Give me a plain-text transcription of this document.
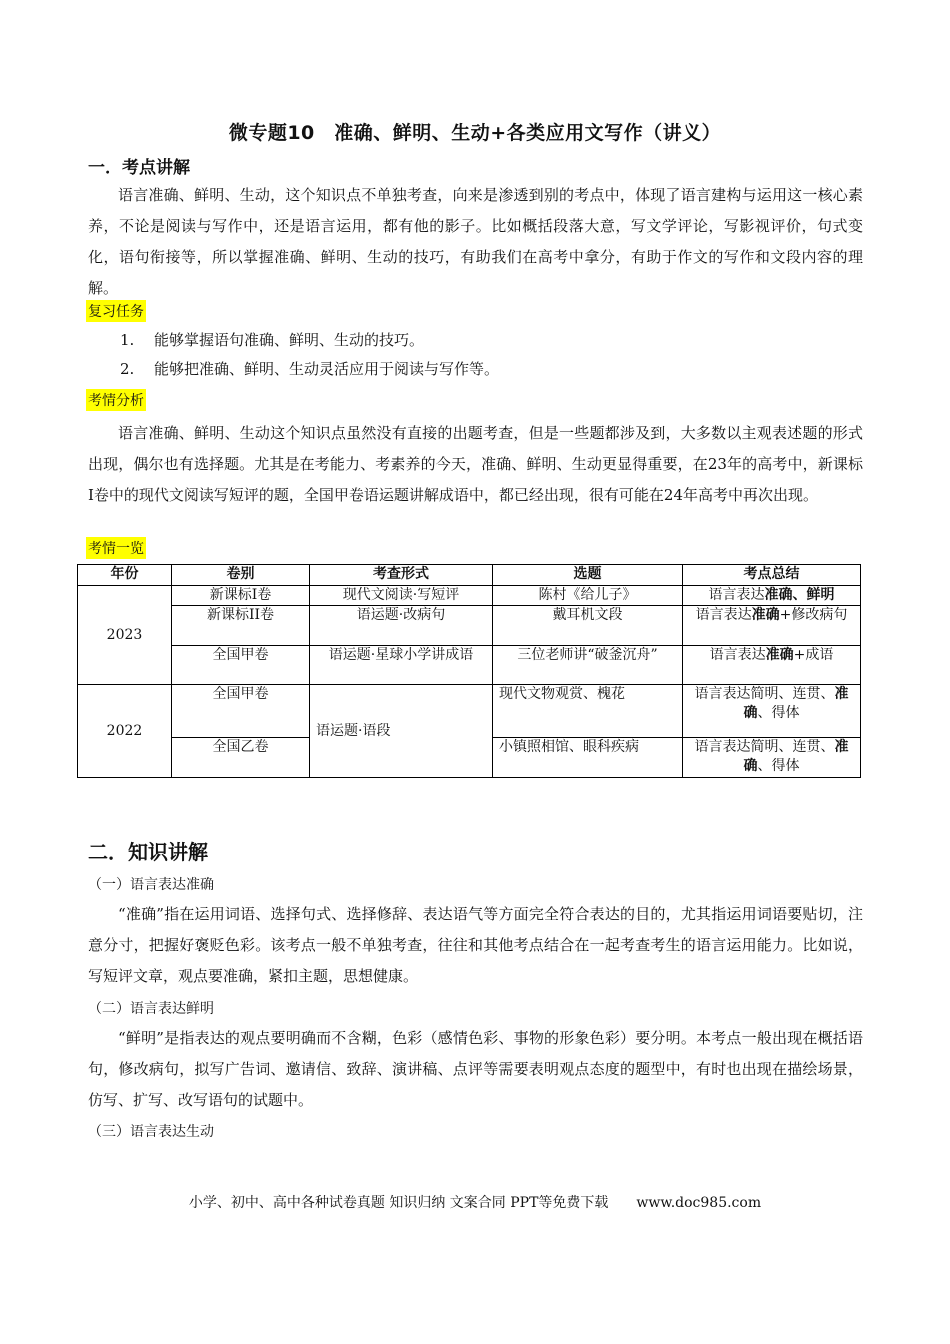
微专题10　准确、鲜明、生动+各类应用文写作（讲义）
一．考点讲解
语言准确、鲜明、生动，这个知识点不单独考查，向来是渗透到别的考点中，体现了语言建构与运用这一核心素养，不论是阅读与写作中，还是语言运用，都有他的影子。比如概括段落大意，写文学评论，写影视评价，句式变化，语句衔接等，所以掌握准确、鲜明、生动的技巧，有助我们在高考中拿分，有助于作文的写作和文段内容的理解。
复习任务
1. 能够掌握语句准确、鲜明、生动的技巧。
2. 能够把准确、鲜明、生动灵活应用于阅读与写作等。
考情分析
语言准确、鲜明、生动这个知识点虽然没有直接的出题考查，但是一些题都涉及到，大多数以主观表述题的形式出现，偶尔也有选择题。尤其是在考能力、考素养的今天，准确、鲜明、生动更显得重要，在23年的高考中，新课标Ⅰ卷中的现代文阅读写短评的题，全国甲卷语运题讲解成语中，都已经出现，很有可能在24年高考中再次出现。
考情一览
年份	卷别	考查形式	选题	考点总结
2023	新课标Ⅰ卷	现代文阅读·写短评	陈村《给儿子》	语言表达准确、鲜明
	新课标II卷	语运题·改病句	戴耳机文段	语言表达准确+修改病句
	全国甲卷	语运题·星球小学讲成语	三位老师讲“破釜沉舟”	语言表达准确+成语
2022	全国甲卷	语运题·语段	现代文物观赏、槐花	语言表达简明、连贯、准确、得体
	全国乙卷		小镇照相馆、眼科疾病	语言表达简明、连贯、准确、得体
二．知识讲解
（一）语言表达准确
“准确”指在运用词语、选择句式、选择修辞、表达语气等方面完全符合表达的目的，尤其指运用词语要贴切，注意分寸，把握好褒贬色彩。该考点一般不单独考查，往往和其他考点结合在一起考查考生的语言运用能力。比如说，写短评文章，观点要准确，紧扣主题，思想健康。
（二）语言表达鲜明
“鲜明”是指表达的观点要明确而不含糊，色彩（感情色彩、事物的形象色彩）要分明。本考点一般出现在概括语句，修改病句，拟写广告词、邀请信、致辞、演讲稿、点评等需要表明观点态度的题型中，有时也出现在描绘场景，仿写、扩写、改写语句的试题中。
（三）语言表达生动
小学、初中、高中各种试卷真题 知识归纳 文案合同 PPT等免费下载　　www.doc985.com
